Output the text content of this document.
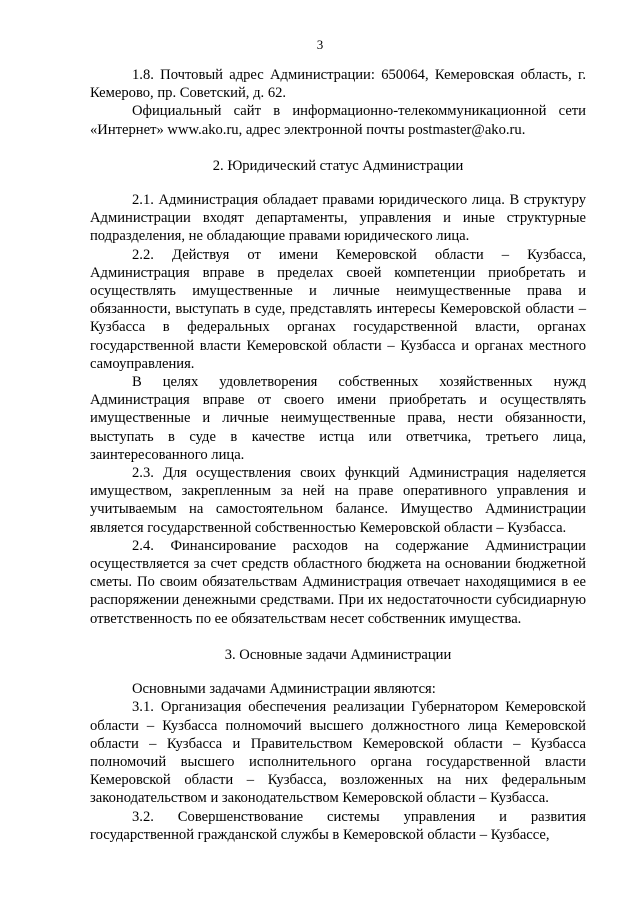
3

1.8. Почтовый адрес Администрации: 650064, Кемеровская область, г. Кемерово, пр. Советский, д. 62.

Официальный сайт в информационно-телекоммуникационной сети «Интернет» www.ako.ru, адрес электронной почты postmaster@ako.ru.

2. Юридический статус Администрации

2.1. Администрация обладает правами юридического лица. В структуру Администрации входят департаменты, управления и иные структурные подразделения, не обладающие правами юридического лица.

2.2. Действуя от имени Кемеровской области – Кузбасса, Администрация вправе в пределах своей компетенции приобретать и осуществлять имущественные и личные неимущественные права и обязанности, выступать в суде, представлять интересы Кемеровской области – Кузбасса в федеральных органах государственной власти, органах государственной власти Кемеровской области – Кузбасса и органах местного самоуправления.

В целях удовлетворения собственных хозяйственных нужд Администрация вправе от своего имени приобретать и осуществлять имущественные и личные неимущественные права, нести обязанности, выступать в суде в качестве истца или ответчика, третьего лица, заинтересованного лица.

2.3. Для осуществления своих функций Администрация наделяется имуществом, закрепленным за ней на праве оперативного управления и учитываемым на самостоятельном балансе. Имущество Администрации является государственной собственностью Кемеровской области – Кузбасса.

2.4. Финансирование расходов на содержание Администрации осуществляется за счет средств областного бюджета на основании бюджетной сметы. По своим обязательствам Администрация отвечает находящимися в ее распоряжении денежными средствами. При их недостаточности субсидиарную ответственность по ее обязательствам несет собственник имущества.

3. Основные задачи Администрации

Основными задачами Администрации являются:

3.1. Организация обеспечения реализации Губернатором Кемеровской области – Кузбасса полномочий высшего должностного лица Кемеровской области – Кузбасса и Правительством Кемеровской области – Кузбасса полномочий высшего исполнительного органа государственной власти Кемеровской области – Кузбасса, возложенных на них федеральным законодательством и законодательством Кемеровской области – Кузбасса.

3.2. Совершенствование системы управления и развития государственной гражданской службы в Кемеровской области – Кузбассе,
